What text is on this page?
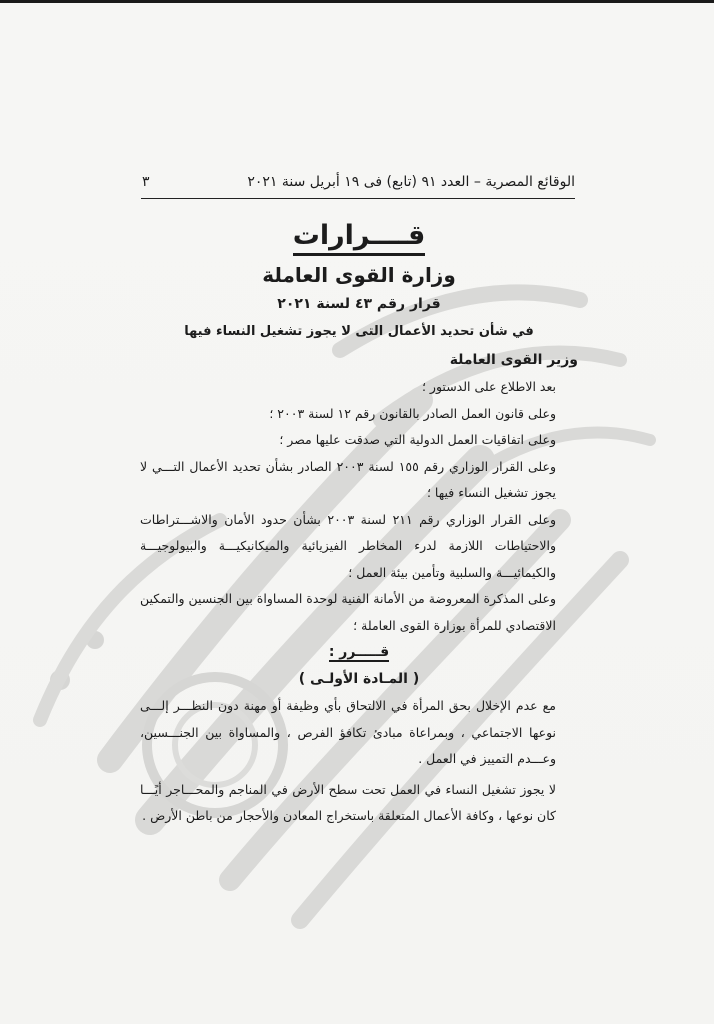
الوقائع المصرية – العدد ٩١ (تابع) فى ١٩ أبريل سنة ٢٠٢١
٣
قــــرارات
وزارة القوى العاملة
قرار رقم ٤٣ لسنة ٢٠٢١
في شأن تحديد الأعمال التى لا يجوز تشغيل النساء فيها
وزير القوى العاملة

بعد الاطلاع على الدستور ؛

وعلى قانون العمل الصادر بالقانون رقم ١٢ لسنة ٢٠٠٣ ؛

وعلى اتفاقيات العمل الدولية التي صدقت عليها مصر ؛

وعلى القرار الوزاري رقم ١٥٥ لسنة ٢٠٠٣ الصادر بشأن تحديد الأعمال التـــي لا يجوز تشغيل النساء فيها ؛

وعلى القرار الوزاري رقم ٢١١ لسنة ٢٠٠٣ بشأن حدود الأمان والاشـــتراطات والاحتياطات اللازمة لدرء المخاطر الفيزيائية والميكانيكيـــة والبيولوجيـــة والكيمائيـــة والسلبية وتأمين بيئة العمل ؛

وعلى المذكرة المعروضة من الأمانة الفنية لوحدة المساواة بين الجنسين والتمكين الاقتصادي للمرأة بوزارة القوى العاملة ؛

قـــــرر :
( المـادة الأولـى )

مع عدم الإخلال بحق المرأة في الالتحاق بأي وظيفة أو مهنة دون النظـــر إلـــى نوعها الاجتماعي ، وبمراعاة مبادئ تكافؤ الفرص ، والمساواة بين الجنـــسين، وعـــدم التمييز في العمل .

لا يجوز تشغيل النساء في العمل تحت سطح الأرض في المناجم والمحـــاجر أيًـــا كان نوعها ، وكافة الأعمال المتعلقة باستخراج المعادن والأحجار من باطن الأرض .
